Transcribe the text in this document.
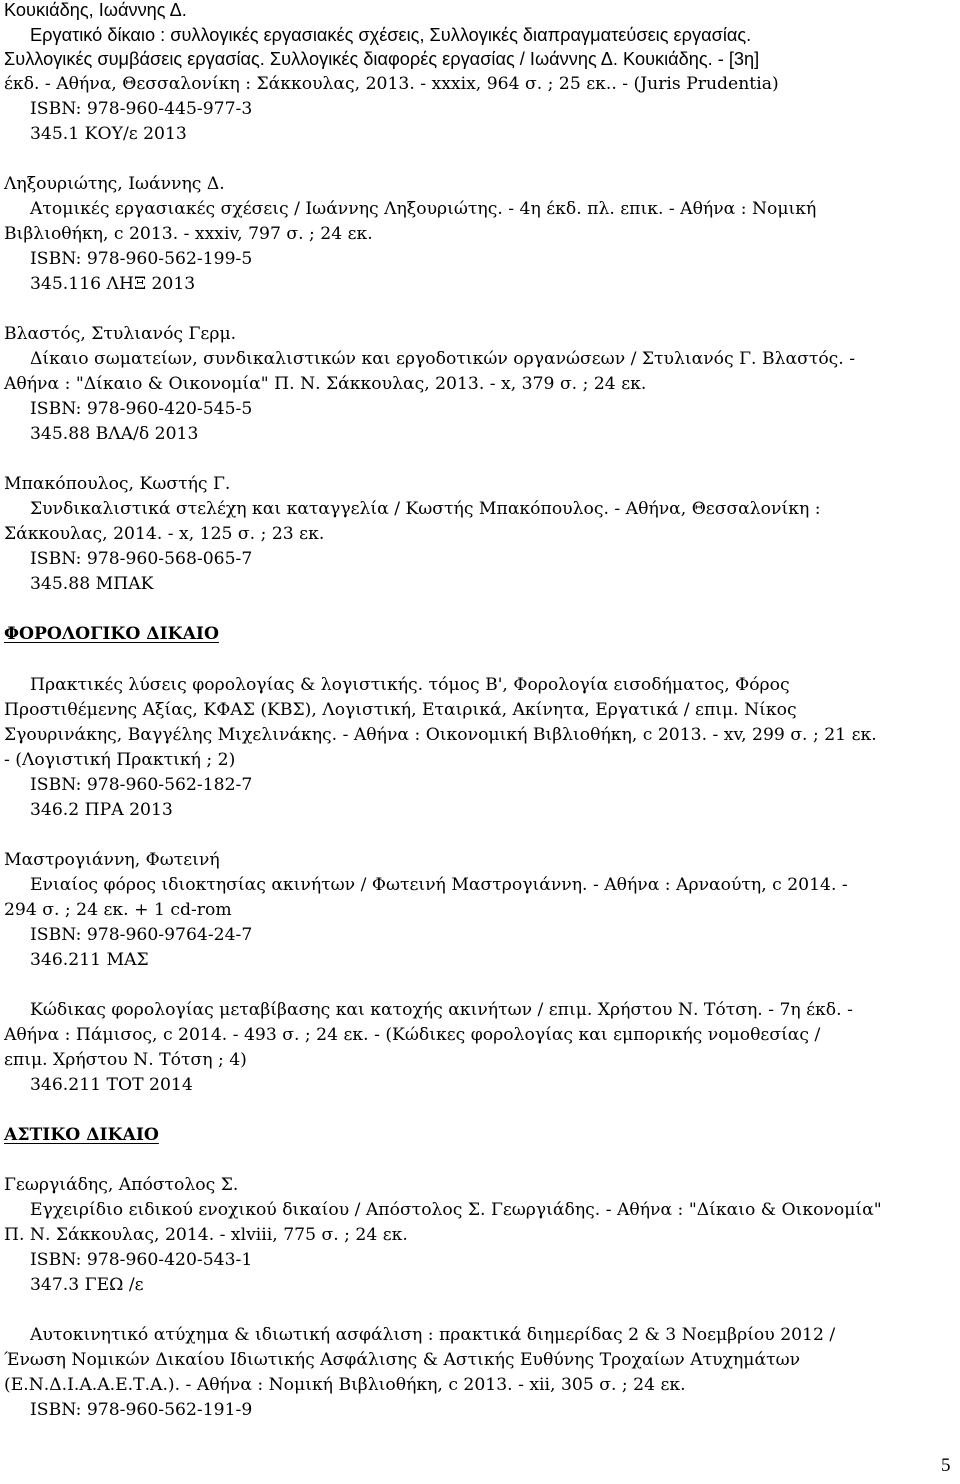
Κουκιάδης, Ιωάννης Δ.
Εργατικό δίκαιο : συλλογικές εργασιακές σχέσεις, Συλλογικές διαπραγματεύσεις εργασίας.
Συλλογικές συμβάσεις εργασίας. Συλλογικές διαφορές εργασίας / Ιωάννης Δ. Κουκιάδης. - [3η]
έκδ. - Αθήνα, Θεσσαλονίκη : Σάκκουλας, 2013. - xxxix, 964 σ. ; 25 εκ.. - (Juris Prudentia)
ISBN: 978-960-445-977-3
345.1 ΚΟΥ/ε 2013
Ληξουριώτης, Ιωάννης Δ.
Ατομικές εργασιακές σχέσεις / Ιωάννης Ληξουριώτης. - 4η έκδ. πλ. επικ. - Αθήνα : Νομική
Βιβλιοθήκη, c 2013. - xxxiv, 797 σ. ; 24 εκ.
ISBN: 978-960-562-199-5
345.116 ΛΗΞ 2013
Βλαστός, Στυλιανός Γερμ.
Δίκαιο σωματείων, συνδικαλιστικών και εργοδοτικών οργανώσεων / Στυλιανός Γ. Βλαστός. -
Αθήνα : "Δίκαιο & Οικονομία" Π. Ν. Σάκκουλας, 2013. - x, 379 σ. ; 24 εκ.
ISBN: 978-960-420-545-5
345.88 ΒΛΑ/δ 2013
Μπακόπουλος, Κωστής Γ.
Συνδικαλιστικά στελέχη και καταγγελία / Κωστής Μπακόπουλος. - Αθήνα, Θεσσαλονίκη :
Σάκκουλας, 2014. - x, 125 σ. ; 23 εκ.
ISBN: 978-960-568-065-7
345.88 ΜΠΑΚ
ΦΟΡΟΛΟΓΙΚΟ ΔΙΚΑΙΟ
Πρακτικές λύσεις φορολογίας & λογιστικής. τόμος B', Φορολογία εισοδήματος, Φόρος
Προστιθέμενης Αξίας, ΚΦΑΣ (ΚΒΣ), Λογιστική, Εταιρικά, Ακίνητα, Εργατικά / επιμ. Νίκος
Σγουρινάκης, Βαγγέλης Μιχελινάκης. - Αθήνα : Οικονομική Βιβλιοθήκη, c 2013. - xv, 299 σ. ; 21 εκ.
- (Λογιστική Πρακτική ; 2)
ISBN: 978-960-562-182-7
346.2 ΠΡΑ 2013
Μαστρογιάννη, Φωτεινή
Ενιαίος φόρος ιδιοκτησίας ακινήτων / Φωτεινή Μαστρογιάννη. - Αθήνα : Αρναούτη, c 2014. -
294 σ. ; 24 εκ. + 1 cd-rom
ISBN: 978-960-9764-24-7
346.211 ΜΑΣ
Κώδικας φορολογίας μεταβίβασης και κατοχής ακινήτων / επιμ. Χρήστου Ν. Τότση. - 7η έκδ. -
Αθήνα : Πάμισος, c 2014. - 493 σ. ; 24 εκ. - (Κώδικες φορολογίας και εμπορικής νομοθεσίας /
επιμ. Χρήστου Ν. Τότση ; 4)
346.211 ΤΟΤ 2014
ΑΣΤΙΚΟ ΔΙΚΑΙΟ
Γεωργιάδης, Απόστολος Σ.
Εγχειρίδιο ειδικού ενοχικού δικαίου / Απόστολος Σ. Γεωργιάδης. - Αθήνα : "Δίκαιο & Οικονομία"
Π. Ν. Σάκκουλας, 2014. - xlviii, 775 σ. ; 24 εκ.
ISBN: 978-960-420-543-1
347.3 ΓΕΩ /ε
Αυτοκινητικό ατύχημα & ιδιωτική ασφάλιση : πρακτικά διημερίδας 2 & 3 Νοεμβρίου 2012 /
Ένωση Νομικών Δικαίου Ιδιωτικής Ασφάλισης & Αστικής Ευθύνης Τροχαίων Ατυχημάτων
(Ε.Ν.Δ.Ι.Α.Α.Ε.Τ.Α.). - Αθήνα : Νομική Βιβλιοθήκη, c 2013. - xii, 305 σ. ; 24 εκ.
ISBN: 978-960-562-191-9
5
